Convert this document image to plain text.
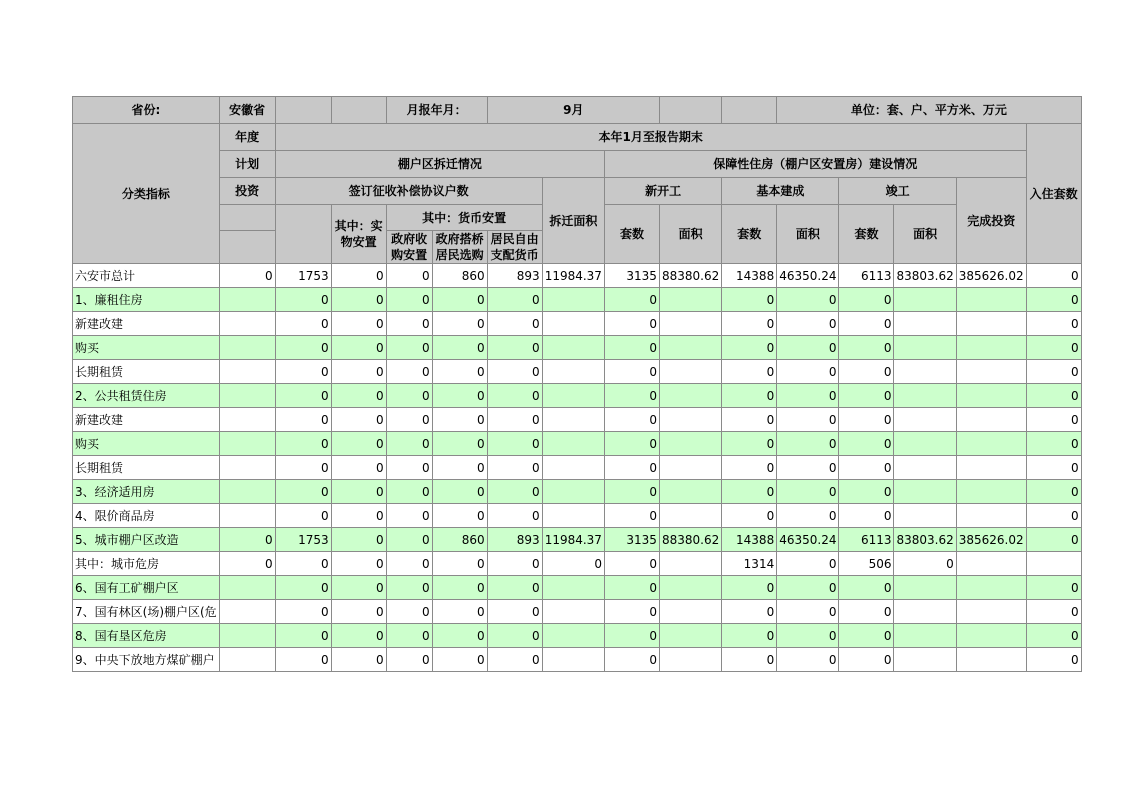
省份:	安徽省			月报年月：		9月					单位：套、户、平方米、万元				
分类指标	年度	本年1月至报告期末													入住套数
	计划	棚户区拆迁情况						保障性住房（棚户区安置房）建设情况							
	投资	签订征收补偿协议户数					拆迁面积	新开工		基本建成		竣工		完成投资	
			其中：实物安置	其中：货币安置				套数	面积	套数	面积	套数	面积		
				政府收购安置	政府搭桥居民选购	居民自由支配货币									

六安市总计	0	1753	0	0	860	893	11984.37	3135	88380.62	14388	46350.24	6113	83803.62	385626.02	0
1、廉租住房		0	0	0	0	0		0		0	0	0			0
新建改建		0	0	0	0	0		0		0	0	0			0
购买		0	0	0	0	0		0		0	0	0			0
长期租赁		0	0	0	0	0		0		0	0	0			0
2、公共租赁住房		0	0	0	0	0		0		0	0	0			0
新建改建		0	0	0	0	0		0		0	0	0			0
购买		0	0	0	0	0		0		0	0	0			0
长期租赁		0	0	0	0	0		0		0	0	0			0
3、经济适用房		0	0	0	0	0		0		0	0	0			0
4、限价商品房		0	0	0	0	0		0		0	0	0			0
5、城市棚户区改造	0	1753	0	0	860	893	11984.37	3135	88380.62	14388	46350.24	6113	83803.62	385626.02	0
其中：城市危房	0	0	0	0	0	0	0	0		1314	0	506	0		
6、国有工矿棚户区		0	0	0	0	0		0		0	0	0			0
7、国有林区(场)棚户区(危		0	0	0	0	0		0		0	0	0			0
8、国有垦区危房		0	0	0	0	0		0		0	0	0			0
9、中央下放地方煤矿棚户		0	0	0	0	0		0		0	0	0			0
